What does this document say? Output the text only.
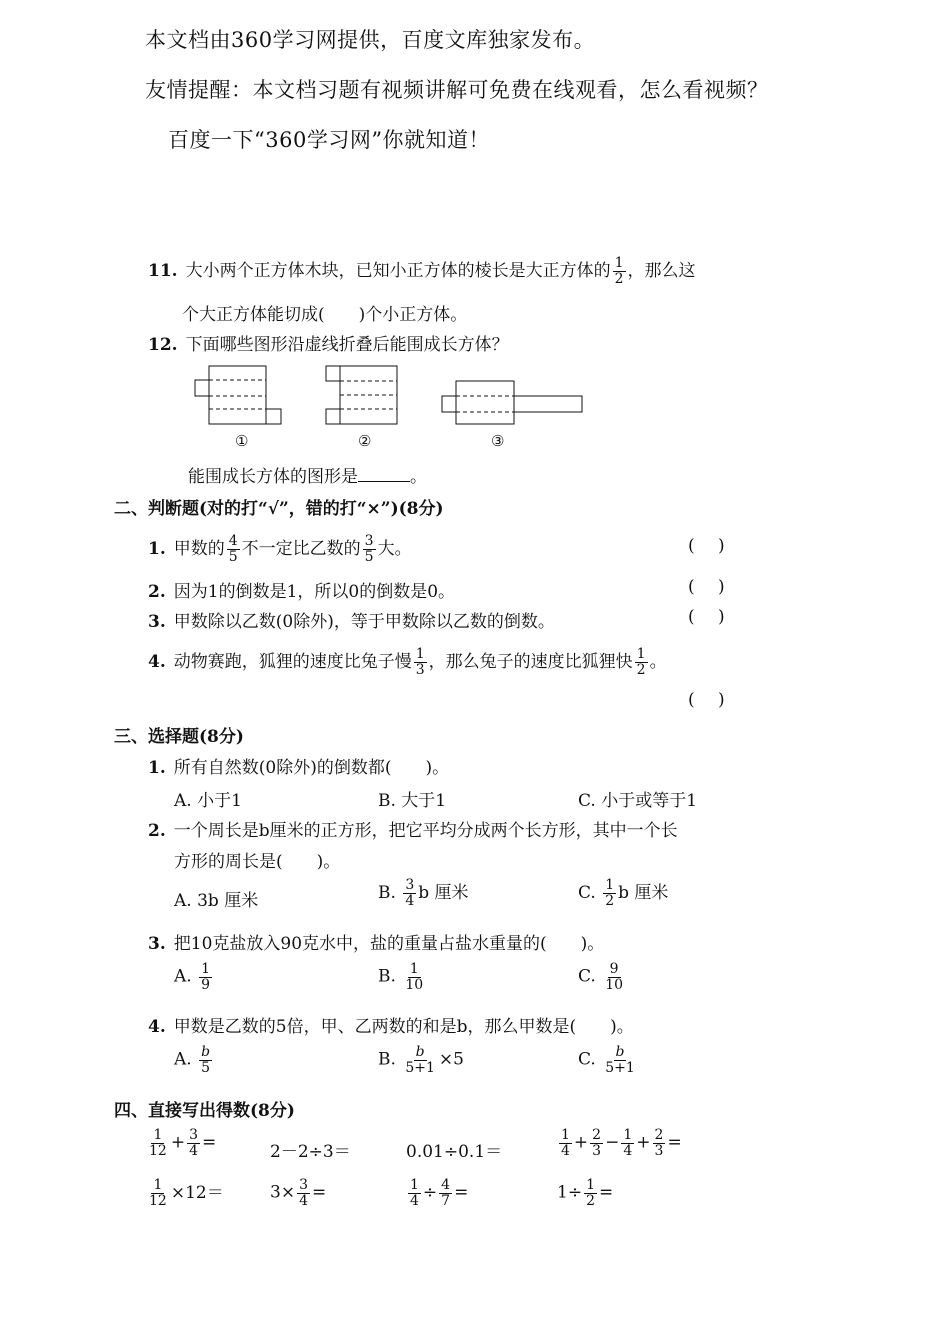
本文档由360学习网提供，百度文库独家发布。
友情提醒：本文档习题有视频讲解可免费在线观看，怎么看视频？
百度一下“360学习网”你就知道！
11. 大小两个正方体木块，已知小正方体的棱长是大正方体的 $\frac{1}{2}$ ，那么这
个大正方体能切成(　　)个小正方体。
12. 下面哪些图形沿虚线折叠后能围成长方体？
①	②	③
能围成长方体的图形是	。
二、判断题(对的打“√”，错的打“×”)(8分)
1. 甲数的 $\frac{4}{5}$ 不一定比乙数的 $\frac{3}{5}$ 大。	( )
2. 因为1的倒数是1，所以0的倒数是0。	( )
3. 甲数除以乙数(0除外)，等于甲数除以乙数的倒数。	( )
4. 动物赛跑，狐狸的速度比兔子慢 $\frac{1}{3}$ ，那么兔子的速度比狐狸快 $\frac{1}{2}$ 。
( )
三、选择题(8分)
1. 所有自然数(0除外)的倒数都(　　)。
A. 小于1	B. 大于1	C. 小于或等于1
2. 一个周长是b厘米的正方形，把它平均分成两个长方形，其中一个长
方形的周长是(　　)。
A. 3b 厘米	B. $\frac{3}{4}$ b 厘米	C. $\frac{1}{2}$ b 厘米
3. 把10克盐放入90克水中，盐的重量占盐水重量的(　　)。
A. $\frac{1}{9}$	B. $\frac{1}{10}$	C. $\frac{9}{10}$
4. 甲数是乙数的5倍，甲、乙两数的和是b，那么甲数是(　　)。
A. $\frac{b}{5}$	B. $\frac{b}{5+1} \times 5$	C. $\frac{b}{5+1}$
四、直接写出得数(8分)
$\frac{1}{12} + \frac{3}{4}$ =	2－2÷3＝	0.01÷0.1＝	$\frac{1}{4} + \frac{2}{3} - \frac{1}{4} + \frac{2}{3}$ =
$\frac{1}{12} \times 12=$	$3\times \frac{3}{4}$ =	$\frac{1}{4} \div \frac{4}{7}$ =	$1\div \frac{1}{2}$ =
